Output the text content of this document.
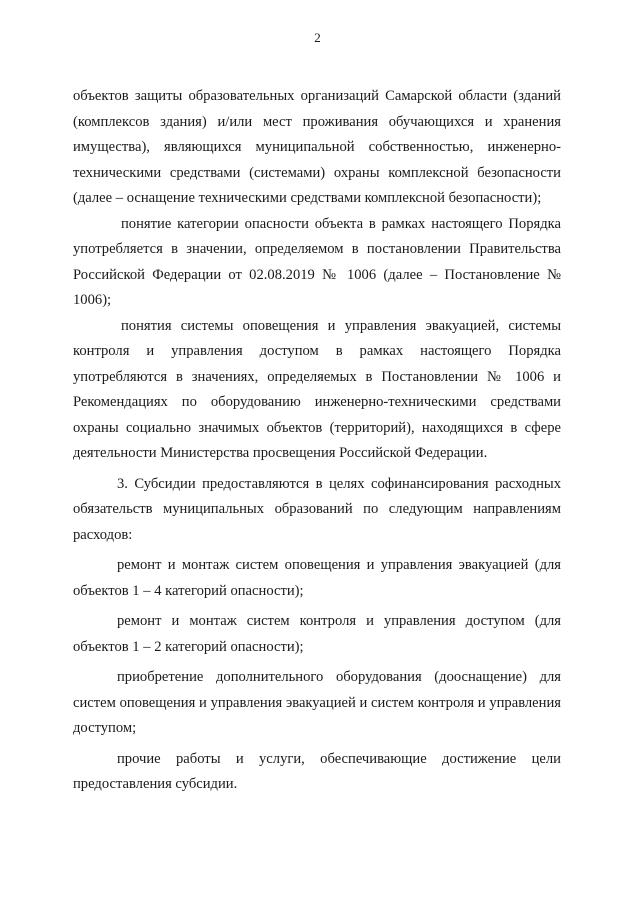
2

объектов защиты образовательных организаций Самарской области (зданий (комплексов здания) и/или мест проживания обучающихся и хранения имущества), являющихся муниципальной собственностью, инженерно-техническими средствами (системами) охраны комплексной безопасности (далее – оснащение техническими средствами комплексной безопасности);

понятие категории опасности объекта в рамках настоящего Порядка употребляется в значении, определяемом в постановлении Правительства Российской Федерации от 02.08.2019 № 1006 (далее – Постановление № 1006);

понятия системы оповещения и управления эвакуацией, системы контроля и управления доступом в рамках настоящего Порядка употребляются в значениях, определяемых в Постановлении № 1006 и Рекомендациях по оборудованию инженерно-техническими средствами охраны социально значимых объектов (территорий), находящихся в сфере деятельности Министерства просвещения Российской Федерации.

3. Субсидии предоставляются в целях софинансирования расходных обязательств муниципальных образований по следующим направлениям расходов:

ремонт и монтаж систем оповещения и управления эвакуацией (для объектов 1 – 4 категорий опасности);

ремонт и монтаж систем контроля и управления доступом (для объектов 1 – 2 категорий опасности);

приобретение дополнительного оборудования (дооснащение) для систем оповещения и управления эвакуацией и систем контроля и управления доступом;

прочие работы и услуги, обеспечивающие достижение цели предоставления субсидии.
